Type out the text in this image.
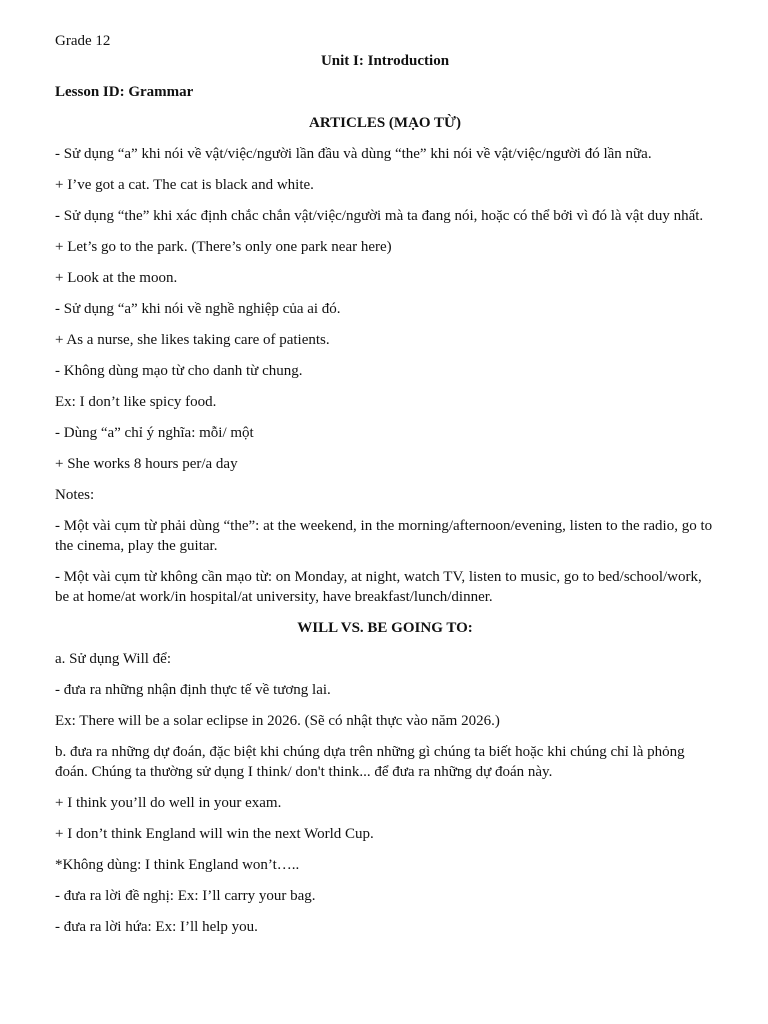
Grade 12

Unit I: Introduction

Lesson ID: Grammar

ARTICLES (MẠO TỪ)

- Sử dụng “a” khi nói về vật/việc/người lần đầu và dùng “the” khi nói về vật/việc/người đó lần nữa.

+ I’ve got a cat. The cat is black and white.

- Sử dụng “the” khi xác định chắc chắn vật/việc/người mà ta đang nói, hoặc có thể bởi vì đó là vật duy nhất.

+ Let’s go to the park. (There’s only one park near here)

+ Look at the moon.

- Sử dụng “a” khi nói về nghề nghiệp của ai đó.

+ As a nurse, she likes taking care of patients.

- Không dùng mạo từ cho danh từ chung.

Ex: I don’t like spicy food.

- Dùng “a” chỉ ý nghĩa: mỗi/ một

+ She works 8 hours per/a day

Notes:

- Một vài cụm từ phải dùng “the”: at the weekend, in the morning/afternoon/evening, listen to the radio, go to the cinema, play the guitar.

- Một vài cụm từ không cần mạo từ: on Monday, at night, watch TV, listen to music, go to bed/school/work, be at home/at work/in hospital/at university, have breakfast/lunch/dinner.

WILL VS. BE GOING TO:

a. Sử dụng Will để:

- đưa ra những nhận định thực tế về tương lai.

Ex: There will be a solar eclipse in 2026. (Sẽ có nhật thực vào năm 2026.)

b. đưa ra những dự đoán, đặc biệt khi chúng dựa trên những gì chúng ta biết hoặc khi chúng chỉ là phỏng đoán. Chúng ta thường sử dụng I think/ don't think... để đưa ra những dự đoán này.

+ I think you’ll do well in your exam.

+ I don’t think England will win the next World Cup.

*Không dùng: I think England won’t…..

- đưa ra lời đề nghị: Ex: I’ll carry your bag.

- đưa ra lời hứa: Ex: I’ll help you.
